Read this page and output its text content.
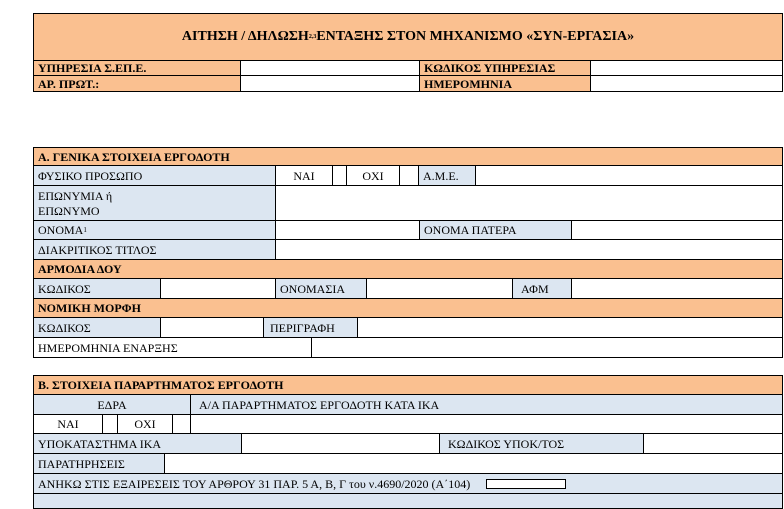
ΑΙΤΗΣΗ / ΔΗΛΩΣΗ 2,3 ΕΝΤΑΞΗΣ ΣΤΟΝ ΜΗΧΑΝΙΣΜΟ «ΣΥΝ-ΕΡΓΑΣΙΑ»
ΥΠΗΡΕΣΙΑ Σ.ΕΠ.Ε.	ΚΩΔΙΚΟΣ ΥΠΗΡΕΣΙΑΣ
ΑΡ. ΠΡΩΤ.:	ΗΜΕΡΟΜΗΝΙΑ
Α. ΓΕΝΙΚΑ ΣΤΟΙΧΕΙΑ ΕΡΓΟΔΟΤΗ
ΦΥΣΙΚΟ ΠΡΟΣΩΠΟ	ΝΑΙ	ΟΧΙ	Α.Μ.Ε.
ΕΠΩΝΥΜΙΑ ή
ΕΠΩΝΥΜΟ
ΟΝΟΜΑ 1	ΟΝΟΜΑ ΠΑΤΕΡΑ
ΔΙΑΚΡΙΤΙΚΟΣ ΤΙΤΛΟΣ
ΑΡΜΟΔΙΑ ΔΟΥ
ΚΩΔΙΚΟΣ	ΟΝΟΜΑΣΙΑ	ΑΦΜ
ΝΟΜΙΚΗ ΜΟΡΦΗ
ΚΩΔΙΚΟΣ	ΠΕΡΙΓΡΑΦΗ
ΗΜΕΡΟΜΗΝΙΑ ΕΝΑΡΞΗΣ
Β. ΣΤΟΙΧΕΙΑ ΠΑΡΑΡΤΗΜΑΤΟΣ ΕΡΓΟΔΟΤΗ
ΕΔΡΑ	Α/Α ΠΑΡΑΡΤΗΜΑΤΟΣ ΕΡΓΟΔΟΤΗ ΚΑΤΑ ΙΚΑ
ΝΑΙ	ΟΧΙ
ΥΠΟΚΑΤΑΣΤΗΜΑ ΙΚΑ	ΚΩΔΙΚΟΣ ΥΠΟΚ/ΤΟΣ
ΠΑΡΑΤΗΡΗΣΕΙΣ
ΑΝΗΚΩ ΣΤΙΣ ΕΞΑΙΡΕΣΕΙΣ ΤΟΥ ΑΡΘΡΟΥ 31 ΠΑΡ. 5 Α, Β, Γ του ν.4690/2020 (Α΄104)
